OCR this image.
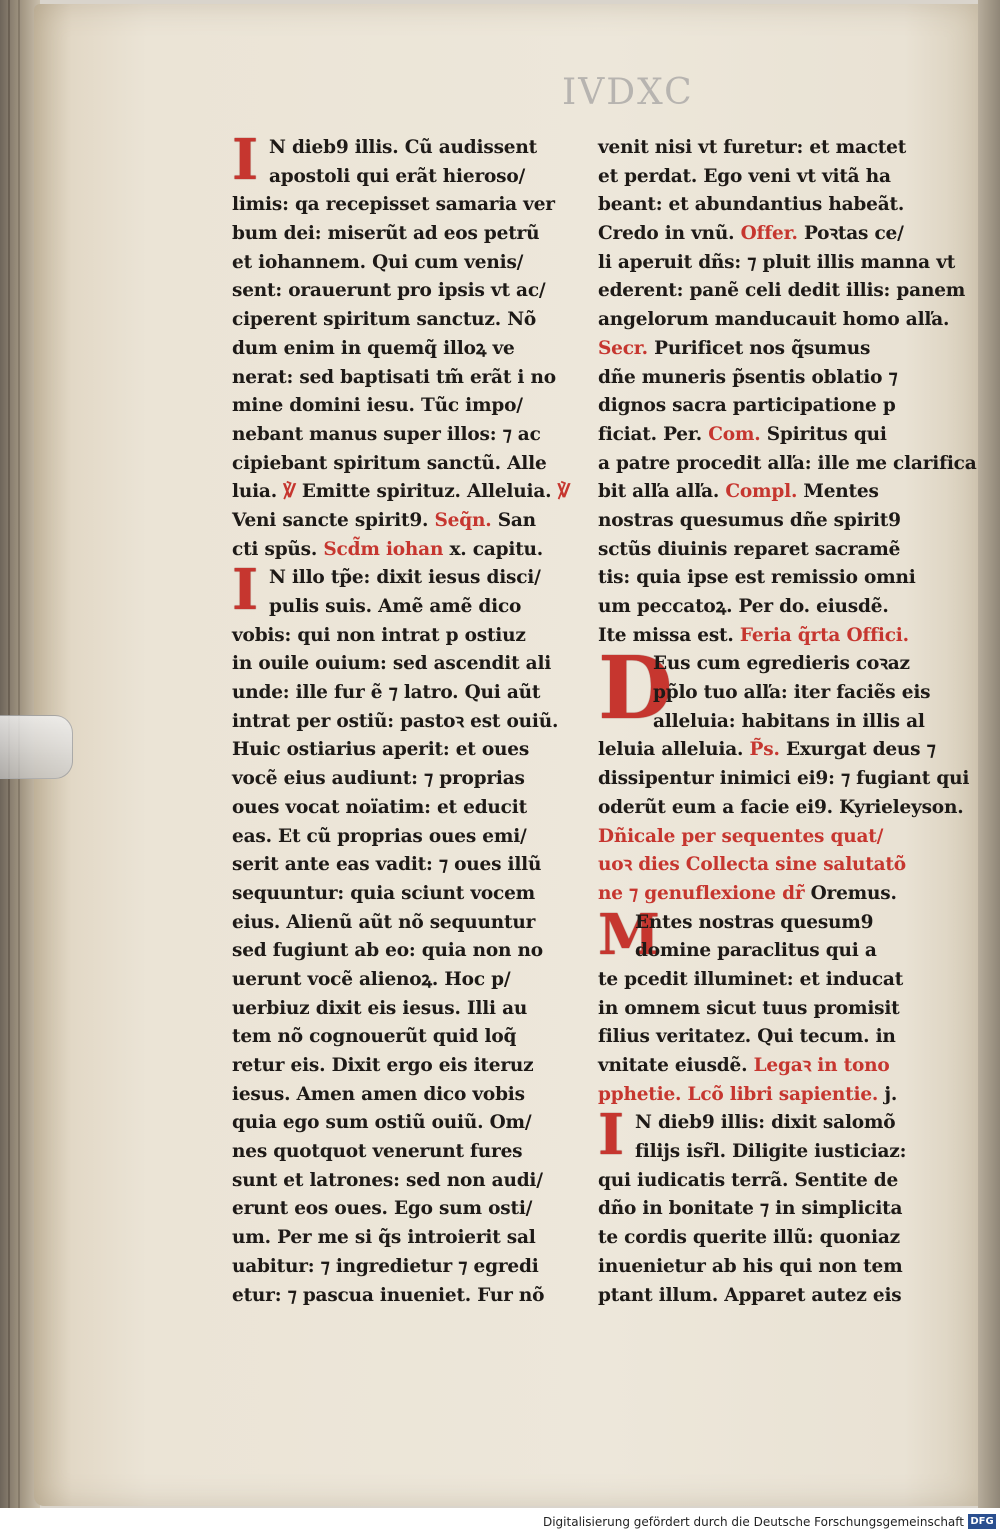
IVDXC
I N dieb9 illis. Cũ audissent
apostoli qui erãt hieroso/
limis: qa recepisset samaria ver
bum dei: miserũt ad eos petrũ
et iohannem. Qui cum venis/
sent: orauerunt pro ipsis vt ac/
ciperent spiritum sanctuz. Nõ
dum enim in quemq̃ illoꝝ ve
nerat: sed baptisati tm̃ erãt i no
mine domini iesu. Tũc impo/
nebant manus super illos: ⁊ ac
cipiebant spiritum sanctũ. Alle
luia. ℣ Emitte spirituz. Alleluia. ℣
Veni sancte spirit9. Seq̃n. San
cti spũs. Scd̃m iohan x. capitu.
I N illo tp̃e: dixit iesus disci/
pulis suis. Amẽ amẽ dico
vobis: qui non intrat p ostiuz
in ouile ouium: sed ascendit ali
unde: ille fur ẽ ⁊ latro. Qui aũt
intrat per ostiũ: pastoꝛ est ouiũ.
Huic ostiarius aperit: et oues
vocẽ eius audiunt: ⁊ proprias
oues vocat noïatim: et educit
eas. Et cũ proprias oues emi/
serit ante eas vadit: ⁊ oues illũ
sequuntur: quia sciunt vocem
eius. Alienũ aũt nõ sequuntur
sed fugiunt ab eo: quia non no
uerunt vocẽ alienoꝝ. Hoc p/
uerbiuz dixit eis iesus. Illi au
tem nõ cognouerũt quid loq̃
retur eis. Dixit ergo eis iteruz
iesus. Amen amen dico vobis
quia ego sum ostiũ ouiũ. Om/
nes quotquot venerunt fures
sunt et latrones: sed non audi/
erunt eos oues. Ego sum osti/
um. Per me si q̃s introierit sal
uabitur: ⁊ ingredietur ⁊ egredi
etur: ⁊ pascua inueniet. Fur nõ
venit nisi vt furetur: et mactet
et perdat. Ego veni vt vitã ha
beant: et abundantius habeãt.
Credo in vnũ. Offer. Poꝛtas ce/
li aperuit dñs: ⁊ pluit illis manna vt
ederent: panẽ celi dedit illis: panem
angelorum manducauit homo alľa.
Secr. Purificet nos q̃sumus
dñe muneris p̃sentis oblatio ⁊
dignos sacra participatione p
ficiat. Per. Com. Spiritus qui
a patre procedit alľa: ille me clarifica
bit alľa alľa. Compl. Mentes
nostras quesumus dñe spirit9
sctũs diuinis reparet sacramẽ
tis: quia ipse est remissio omni
um peccatoꝝ. Per do. eiusdẽ.
Ite missa est. Feria q̃rta Offici.
D
Eus cum egredieris coꝛaz
pp̃lo tuo alľa: iter faciẽs eis
alleluia: habitans in illis al
leluia alleluia. P̃s. Exurgat deus ⁊
dissipentur inimici ei9: ⁊ fugiant qui
oderũt eum a facie ei9. Kyrieleyson.
Dñicale per sequentes quat/
uoꝛ dies Collecta sine salutatõ
ne ⁊ genuflexione dr̃ Oremus.
M
Entes nostras quesum9
domine paraclitus qui a
te pcedit illuminet: et inducat
in omnem sicut tuus promisit
filius veritatez. Qui tecum. in
vnitate eiusdẽ. Legaꝛ in tono
pphetie. Lcõ libri sapientie. j.
I N dieb9 illis: dixit salomõ
filijs isr̃l. Diligite iusticiaz:
qui iudicatis terrã. Sentite de
dño in bonitate ⁊ in simplicita
te cordis querite illũ: quoniaz
inuenietur ab his qui non tem
ptant illum. Apparet autez eis
Digitalisierung gefördert durch die Deutsche Forschungsgemeinschaft DFG
